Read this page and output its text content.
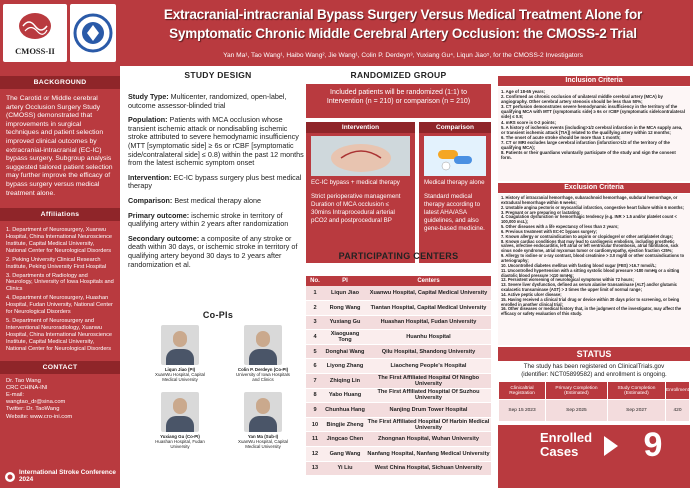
CMOSS-II
Extracranial-intracranial Bypass Surgery Versus Medical Treatment Alone for
Symptomatic Chronic Middle Cerebral Artery Occlusion: the CMOSS-2 Trial
Yan Ma¹, Tao Wang¹, Haibo Wang², Jie Wang¹, Colin P. Derdeyn³, Yuxiang Gu⁴, Liqun Jiao⁵, for the CMOSS-2 Investigators
BACKGROUND
The Carotid or Middle cerebral artery Occlusion Surgery Study (CMOSS) demonstrated that improvements in surgical techniques and patient selection improved clinical outcomes by extracranial-intracranial (EC-IC) bypass surgery. Subgroup analysis suggested tailored patient selection may further improve the efficacy of bypass surgery versus medical treatment alone.
Affiliations
1. Department of Neurosurgery, Xuanwu Hospital, China International Neuroscience Institute, Capital Medical University, National Center for Neurological Disorders
2. Peking University Clinical Research Institute, Peking University First Hospital
3. Departments of Radiology and Neurology, University of Iowa Hospitals and Clinics
4. Department of Neurosurgery, Huashan Hospital, Fudan University, National Center for Neurological Disorders
5. Department of Neurosurgery and Interventional Neuroradiology, Xuanwu Hospital, China International Neuroscience Institute, Capital Medical University, National Center for Neurological Disorders
CONTACT
Dr. Tao Wang
CRC CHINA-INI
E-mail:
wangtao_dr@sina.com
Twitter: Dr. TaoWang
Website: www.cro-ini.com
International Stroke Conference 2024
STUDY DESIGN

Study Type: Multicenter, randomized, open-label, outcome assessor-blinded trial

Population: Patients with MCA occlusion whose transient ischemic attack or nondisabling ischemic stroke attributed to severe hemodynamic insufficiency (MTT [symptomatic side] ≥ 6s or rCBF [symptomatic side/contralateral side] ≤ 0.8) within the past 12 months from the latest ischemic symptom onset

Intervention: EC-IC bypass surgery plus best medical therapy

Comparison: Best medical therapy alone

Primary outcome: ischemic stroke in territory of qualifying artery within 2 years after randomization

Secondary outcome: a composite of any stroke or death within 30 days, or ischemic stroke in territory of qualifying artery beyond 30 days to 2 years after randomization et al.

Co-PIs
Liqun Jiao (PI)
XuanWu Hospital, Capital Medical University
Colin P. Derdeyn (Co-PI)
University of Iowa Hospitals and Clinics
Yuxiang Gu (Co-PI)
Huashan Hospital, Fudan University
Yan Ma (Sub-I)
XuanWu Hospital, Capital Medical University
RANDOMIZED GROUP
Included patients will be randomized (1:1) to
Intervention (n = 210) or comparison (n = 210)
Intervention
EC-IC bypass + medical therapy
Strict perioperative management Duration of MCA occlusion ≤ 30mins Intraprocedural arterial pCO2 and postprocedural BP
Comparison
Medical therapy alone
Standard medical therapy according to latest AHA/ASA guidelines, and also gene-based medicine.
PARTICIPATING CENTERS
No.	PI	Centers
1	Liqun Jiao	Xuanwu Hospital, Capital Medical University
2	Rong Wang	Tiantan Hospital, Capital Medical University
3	Yuxiang Gu	Huashan Hospital, Fudan University
4	Xiaoguang Tong	Huanhu Hospital
5	Donghai Wang	Qilu Hospital, Shandong University
6	Liyong Zhang	Liaocheng People's Hospital
7	Zhiqing Lin	The First Affiliated Hospital Of Ningbo University
8	Yabo Huang	The First Affiliated Hospital Of Suzhou University
9	Chunhua Hang	Nanjing Drum Tower Hospital
10	Bingjie Zheng	The First Affiliated Hospital Of Harbin Medical University
11	Jingcao Chen	Zhongnan Hospital, Wuhan University
12	Gang Wang	Nanfang Hospital, Nanfang Medical University
13	Yi Liu	West China Hospital, Sichuan University
Inclusion Criteria
1. Age of 18-65 years;
2. Confirmed as chronic occlusion of unilateral middle cerebral artery (MCA) by angiography. Other cerebral artery stenosis should be less than 50%;
3. CT perfusion demonstrates severe hemodynamic insufficiency in the territory of the qualifying MCA with MTT (symptomatic side) ≥ 6s or rCBF (symptomatic side/contralateral side) ≤ 0.8;
4. mRS score is 0-2 points;
5. A history of ischemic events (including>1/2 cerebral infarction in the MCA supply area, or transient ischemic attack [TIA]) related to the qualifying artery within 12 months;
6. The onset of acute stroke should be more than 1 month;
7. CT or MRI excludes large cerebral infarction (infarction>1/2 of the territory of the qualifying MCA);
8. Patients or their guardians voluntarily participate of the study and sign the consent form.
Exclusion Criteria
1. History of intracranial hemorrhage, subarachnoid hemorrhage, subdural hemorrhage, or extradural hemorrhage within 6 weeks;
2. Unstable angina pectoris or myocardial infarction, congestive heart failure within 6 months;
3. Pregnant or are preparing or lactating;
4. Coagulation dysfunction or hemorrhagic tendency (e.g. INR > 1.5 and/or platelet count < 100,000 mcL);
5. Other diseases with a life expectancy of less than 2 years;
6. Previous treatment with EC-IC bypass surgery;
7. Known allergy or contraindication to aspirin or clopidogrel or other antiplatelet drugs;
8. Known cardiac conditions that may lead to cardiogenic embolism, including prosthetic valves, infective endocarditis, left atrial or left ventricular thrombosis, atrial fibrillation, sick sinus node syndrome, atrial myxomas tumor or cardiomyopathy, ejection fraction <25%;
9. Allergy to iodine or x-ray contrast, blood creatinine > 3.0 mg/dl or other contraindications to arteriography;
10. Uncontrolled diabetes mellitus with fasting blood sugar (FBS) >16.7 mmol/L;
11. Uncontrolled hypertension with a sitting systolic blood pressure >180 mmHg or a sitting diastolic blood pressure >110 mmHg;
12. Persistent worsening of neurological symptoms within 72 hours;
13. Severe liver dysfunction, defined as serum alanine transaminase (ALT) and/or glutamic oxalacetic transaminase (AST) > 3 times the upper limit of normal range;
14. Active peptic ulcer disease;
15. Having received a clinical trial drug or device within 30 days prior to screening, or being enrolled in another clinical trial;
16. Other diseases or medical history that, in the judgment of the investigator, may affect the efficacy or safety evaluation of this study.
STATUS
The study has been registered on ClinicalTrials.gov
(identifier: NCT05899582) and enrollment is ongoing.
Clinicaltrial Registration	Primary Completion (Estimated)	Study Completion (Estimated)	Enrollment
Sep 15 2023	Sep 2025	Sep 2027	420
Enrolled
Cases	9
